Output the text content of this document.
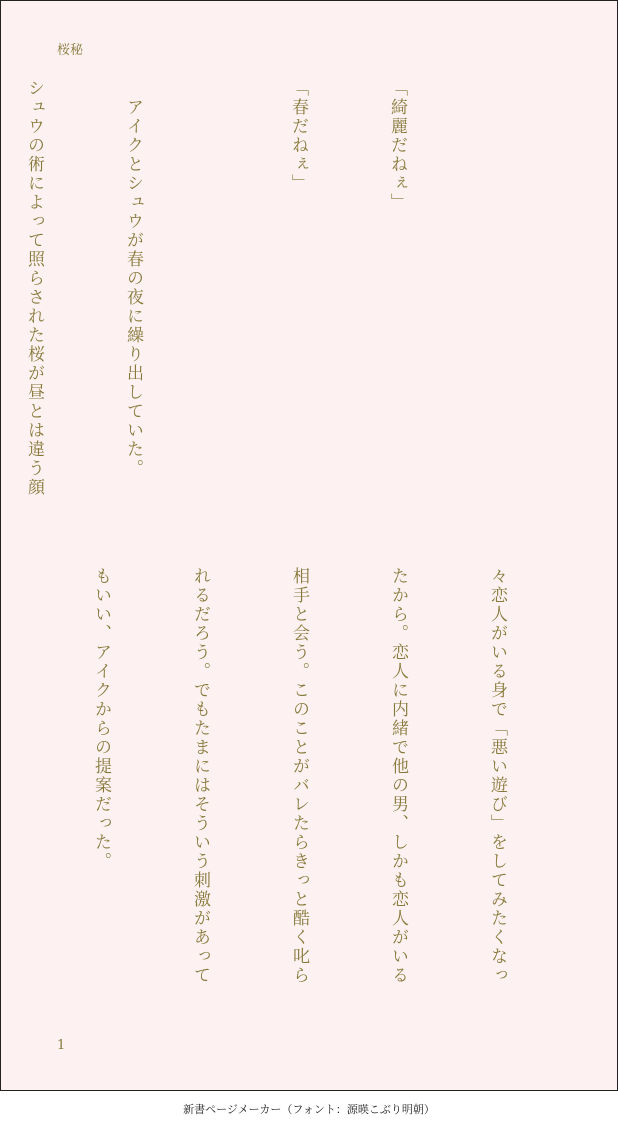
桜秘

「綺麗だねぇ」

「春だねぇ」

　アイクとシュウが春の夜に繰り出していた。

シュウの術によって照らされた桜が昼とは違う顔

々恋人がいる身で「悪い遊び」をしてみたくなっ

たから。恋人に内緒で他の男、しかも恋人がいる

相手と会う。このことがバレたらきっと酷く叱ら

れるだろう。でもたまにはそういう刺激があって

もいい、アイクからの提案だった。

1
新書ページメーカー（フォント：源暎こぶり明朝）
